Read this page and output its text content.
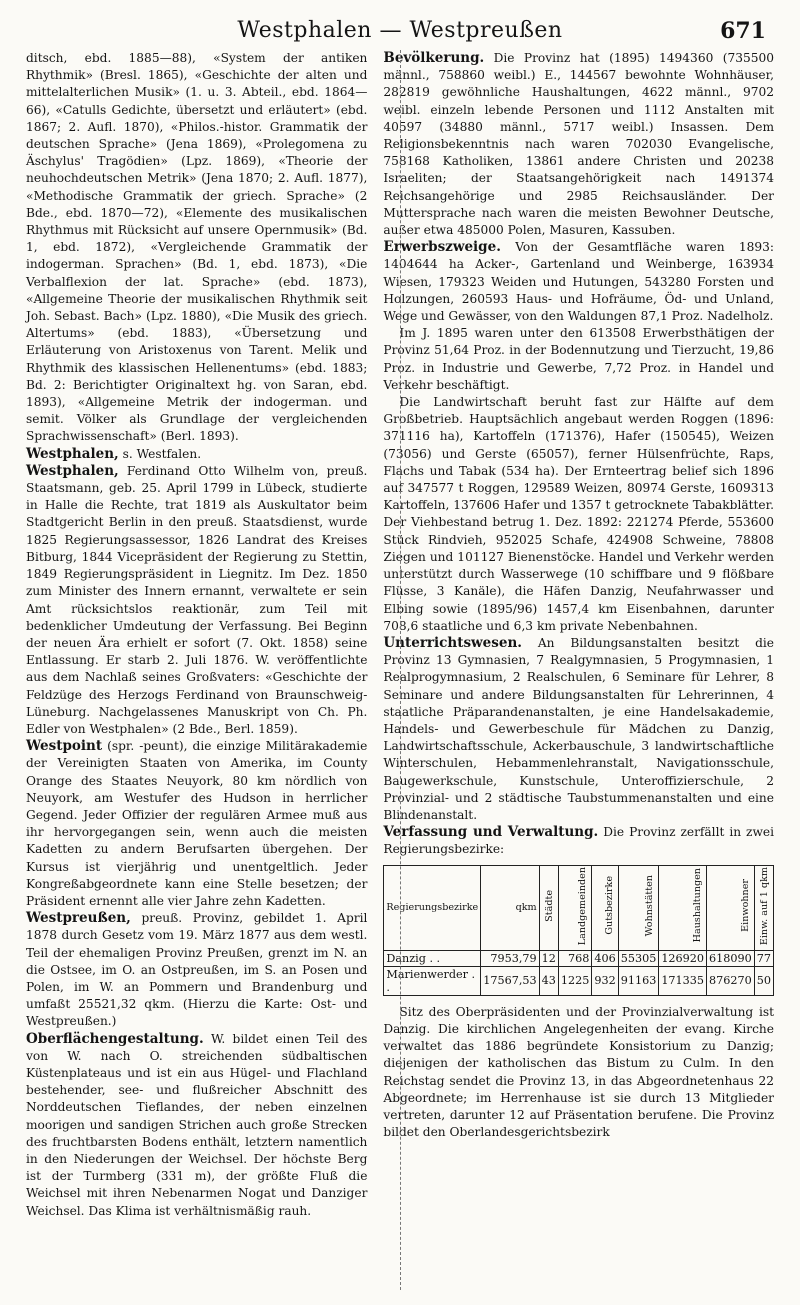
Westphalen — Westpreußen	671

ditsch, ebd. 1885—88), «System der antiken Rhythmik» (Bresl. 1865), «Geschichte der alten und mittelalterlichen Musik» (1. u. 3. Abteil., ebd. 1864—66), «Catulls Gedichte, übersetzt und erläutert» (ebd. 1867; 2. Aufl. 1870), «Philos.-histor. Grammatik der deutschen Sprache» (Jena 1869), «Prolegomena zu Äschylus' Tragödien» (Lpz. 1869), «Theorie der neuhochdeutschen Metrik» (Jena 1870; 2. Aufl. 1877), «Methodische Grammatik der griech. Sprache» (2 Bde., ebd. 1870—72), «Elemente des musikalischen Rhythmus mit Rücksicht auf unsere Opernmusik» (Bd. 1, ebd. 1872), «Vergleichende Grammatik der indogerman. Sprachen» (Bd. 1, ebd. 1873), «Die Verbalflexion der lat. Sprache» (ebd. 1873), «Allgemeine Theorie der musikalischen Rhythmik seit Joh. Sebast. Bach» (Lpz. 1880), «Die Musik des griech. Altertums» (ebd. 1883), «Übersetzung und Erläuterung von Aristoxenus von Tarent. Melik und Rhythmik des klassischen Hellenentums» (ebd. 1883; Bd. 2: Berichtigter Originaltext hg. von Saran, ebd. 1893), «Allgemeine Metrik der indogerman. und semit. Völker als Grundlage der vergleichenden Sprachwissenschaft» (Berl. 1893).

Westphalen, s. Westfalen.

Westphalen, Ferdinand Otto Wilhelm von, preuß. Staatsmann, geb. 25. April 1799 in Lübeck, studierte in Halle die Rechte, trat 1819 als Auskultator beim Stadtgericht Berlin in den preuß. Staatsdienst, wurde 1825 Regierungsassessor, 1826 Landrat des Kreises Bitburg, 1844 Vicepräsident der Regierung zu Stettin, 1849 Regierungspräsident in Liegnitz. Im Dez. 1850 zum Minister des Innern ernannt, verwaltete er sein Amt rücksichtslos reaktionär, zum Teil mit bedenklicher Umdeutung der Verfassung. Bei Beginn der neuen Ära erhielt er sofort (7. Okt. 1858) seine Entlassung. Er starb 2. Juli 1876. W. veröffentlichte aus dem Nachlaß seines Großvaters: «Geschichte der Feldzüge des Herzogs Ferdinand von Braunschweig-Lüneburg. Nachgelassenes Manuskript von Ch. Ph. Edler von Westphalen» (2 Bde., Berl. 1859).

Westpoint (spr. -peunt), die einzige Militärakademie der Vereinigten Staaten von Amerika, im County Orange des Staates Neuyork, 80 km nördlich von Neuyork, am Westufer des Hudson in herrlicher Gegend. Jeder Offizier der regulären Armee muß aus ihr hervorgegangen sein, wenn auch die meisten Kadetten zu andern Berufsarten übergehen. Der Kursus ist vierjährig und unentgeltlich. Jeder Kongreßabgeordnete kann eine Stelle besetzen; der Präsident ernennt alle vier Jahre zehn Kadetten.

Westpreußen, preuß. Provinz, gebildet 1. April 1878 durch Gesetz vom 19. März 1877 aus dem westl. Teil der ehemaligen Provinz Preußen, grenzt im N. an die Ostsee, im O. an Ostpreußen, im S. an Posen und Polen, im W. an Pommern und Brandenburg und umfaßt 25521,32 qkm. (Hierzu die Karte: Ost- und Westpreußen.)

Oberflächengestaltung. W. bildet einen Teil des von W. nach O. streichenden südbaltischen Küstenplateaus und ist ein aus Hügel- und Flachland bestehender, see- und flußreicher Abschnitt des Norddeutschen Tieflandes, der neben einzelnen moorigen und sandigen Strichen auch große Strecken des fruchtbarsten Bodens enthält, letztern namentlich in den Niederungen der Weichsel. Der höchste Berg ist der Turmberg (331 m), der größte Fluß die Weichsel mit ihren Nebenarmen Nogat und Danziger Weichsel. Das Klima ist verhältnismäßig rauh.

Bevölkerung. Die Provinz hat (1895) 1494360 (735500 männl., 758860 weibl.) E., 144567 bewohnte Wohnhäuser, 282819 gewöhnliche Haushaltungen, 4622 männl., 9702 weibl. einzeln lebende Personen und 1112 Anstalten mit 40597 (34880 männl., 5717 weibl.) Insassen. Dem Religionsbekenntnis nach waren 702030 Evangelische, 758168 Katholiken, 13861 andere Christen und 20238 Israeliten; der Staatsangehörigkeit nach 1491374 Reichsangehörige und 2985 Reichsausländer. Der Muttersprache nach waren die meisten Bewohner Deutsche, außer etwa 485000 Polen, Masuren, Kassuben.

Erwerbszweige. Von der Gesamtfläche waren 1893: 1404644 ha Acker-, Gartenland und Weinberge, 163934 Wiesen, 179323 Weiden und Hutungen, 543280 Forsten und Holzungen, 260593 Haus- und Hofräume, Öd- und Unland, Wege und Gewässer, von den Waldungen 87,1 Proz. Nadelholz.

Im J. 1895 waren unter den 613508 Erwerbsthätigen der Provinz 51,64 Proz. in der Bodennutzung und Tierzucht, 19,86 Proz. in Industrie und Gewerbe, 7,72 Proz. in Handel und Verkehr beschäftigt.

Die Landwirtschaft beruht fast zur Hälfte auf dem Großbetrieb. Hauptsächlich angebaut werden Roggen (1896: 371116 ha), Kartoffeln (171376), Hafer (150545), Weizen (73056) und Gerste (65057), ferner Hülsenfrüchte, Raps, Flachs und Tabak (534 ha). Der Ernteertrag belief sich 1896 auf 347577 t Roggen, 129589 Weizen, 80974 Gerste, 1609313 Kartoffeln, 137606 Hafer und 1357 t getrocknete Tabakblätter. Der Viehbestand betrug 1. Dez. 1892: 221274 Pferde, 553600 Stück Rindvieh, 952025 Schafe, 424908 Schweine, 78808 Ziegen und 101127 Bienenstöcke. Handel und Verkehr werden unterstützt durch Wasserwege (10 schiffbare und 9 flößbare Flüsse, 3 Kanäle), die Häfen Danzig, Neufahrwasser und Elbing sowie (1895/96) 1457,4 km Eisenbahnen, darunter 708,6 staatliche und 6,3 km private Nebenbahnen.

Unterrichtswesen. An Bildungsanstalten besitzt die Provinz 13 Gymnasien, 7 Realgymnasien, 5 Progymnasien, 1 Realprogymnasium, 2 Realschulen, 6 Seminare für Lehrer, 8 Seminare und andere Bildungsanstalten für Lehrerinnen, 4 staatliche Präparandenanstalten, je eine Handelsakademie, Handels- und Gewerbeschule für Mädchen zu Danzig, Landwirtschaftsschule, Ackerbauschule, 3 landwirtschaftliche Winterschulen, Hebammenlehranstalt, Navigationsschule, Baugewerkschule, Kunstschule, Unteroffizierschule, 2 Provinzial- und 2 städtische Taubstummenanstalten und eine Blindenanstalt.

Verfassung und Verwaltung. Die Provinz zerfällt in zwei Regierungsbezirke:

Regierungsbezirke	qkm	Städte	Landgemeinden	Gutsbezirke	Wohnstätten	Haushaltungen	Einwohner	Einw. auf 1 qkm
Danzig . .	7953,79	12	768	406	55305	126920	618090	77
Marienwerder . .	17567,53	43	1225	932	91163	171335	876270	50

Sitz des Oberpräsidenten und der Provinzialverwaltung ist Danzig. Die kirchlichen Angelegenheiten der evang. Kirche verwaltet das 1886 begründete Konsistorium zu Danzig; diejenigen der katholischen das Bistum zu Culm. In den Reichstag sendet die Provinz 13, in das Abgeordnetenhaus 22 Abgeordnete; im Herrenhause ist sie durch 13 Mitglieder vertreten, darunter 12 auf Präsentation berufene. Die Provinz bildet den Oberlandesgerichtsbezirk
